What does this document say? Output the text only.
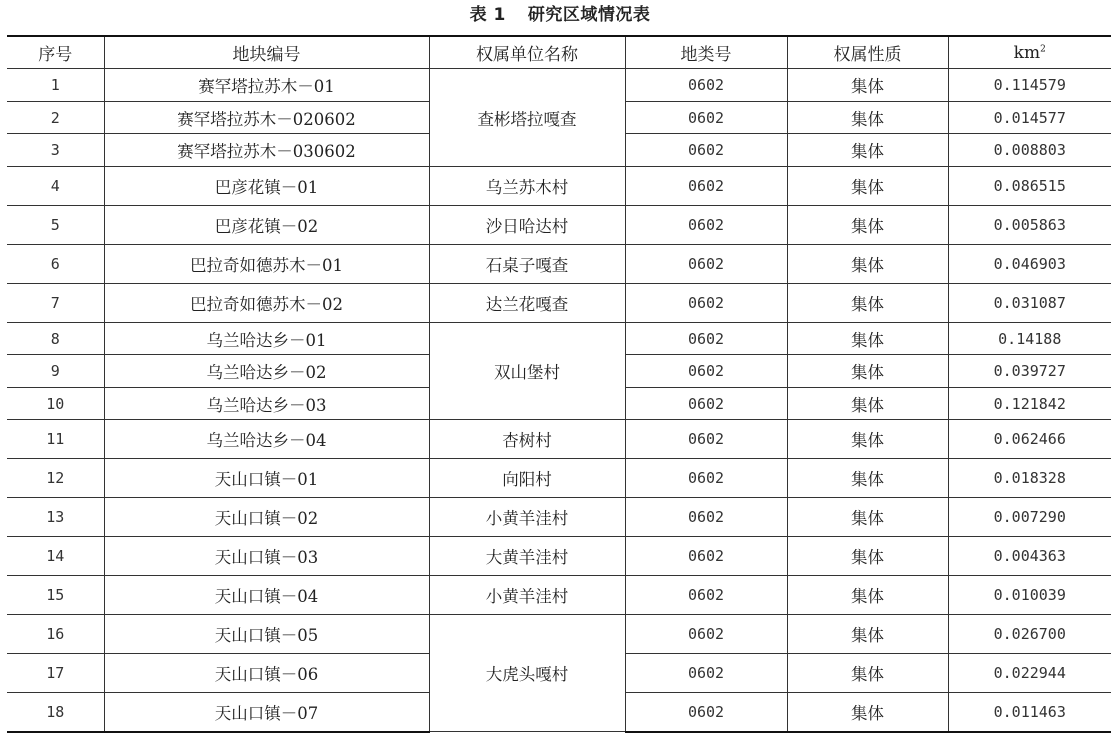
表 1 研究区域情况表
序号	地块编号	权属单位名称	地类号	权属性质	$km^2$
1	赛罕塔拉苏木－01	查彬塔拉嘎查	0602	集体	0.114579
2	赛罕塔拉苏木－020602		0602	集体	0.014577
3	赛罕塔拉苏木－030602		0602	集体	0.008803
4	巴彦花镇－01	乌兰苏木村	0602	集体	0.086515
5	巴彦花镇－02	沙日哈达村	0602	集体	0.005863
6	巴拉奇如德苏木－01	石桌子嘎查	0602	集体	0.046903
7	巴拉奇如德苏木－02	达兰花嘎查	0602	集体	0.031087
8	乌兰哈达乡－01	双山堡村	0602	集体	0.14188
9	乌兰哈达乡－02		0602	集体	0.039727
10	乌兰哈达乡－03		0602	集体	0.121842
11	乌兰哈达乡－04	杏树村	0602	集体	0.062466
12	天山口镇－01	向阳村	0602	集体	0.018328
13	天山口镇－02	小黄羊洼村	0602	集体	0.007290
14	天山口镇－03	大黄羊洼村	0602	集体	0.004363
15	天山口镇－04	小黄羊洼村	0602	集体	0.010039
16	天山口镇－05	大虎头嘎村	0602	集体	0.026700
17	天山口镇－06		0602	集体	0.022944
18	天山口镇－07		0602	集体	0.011463
